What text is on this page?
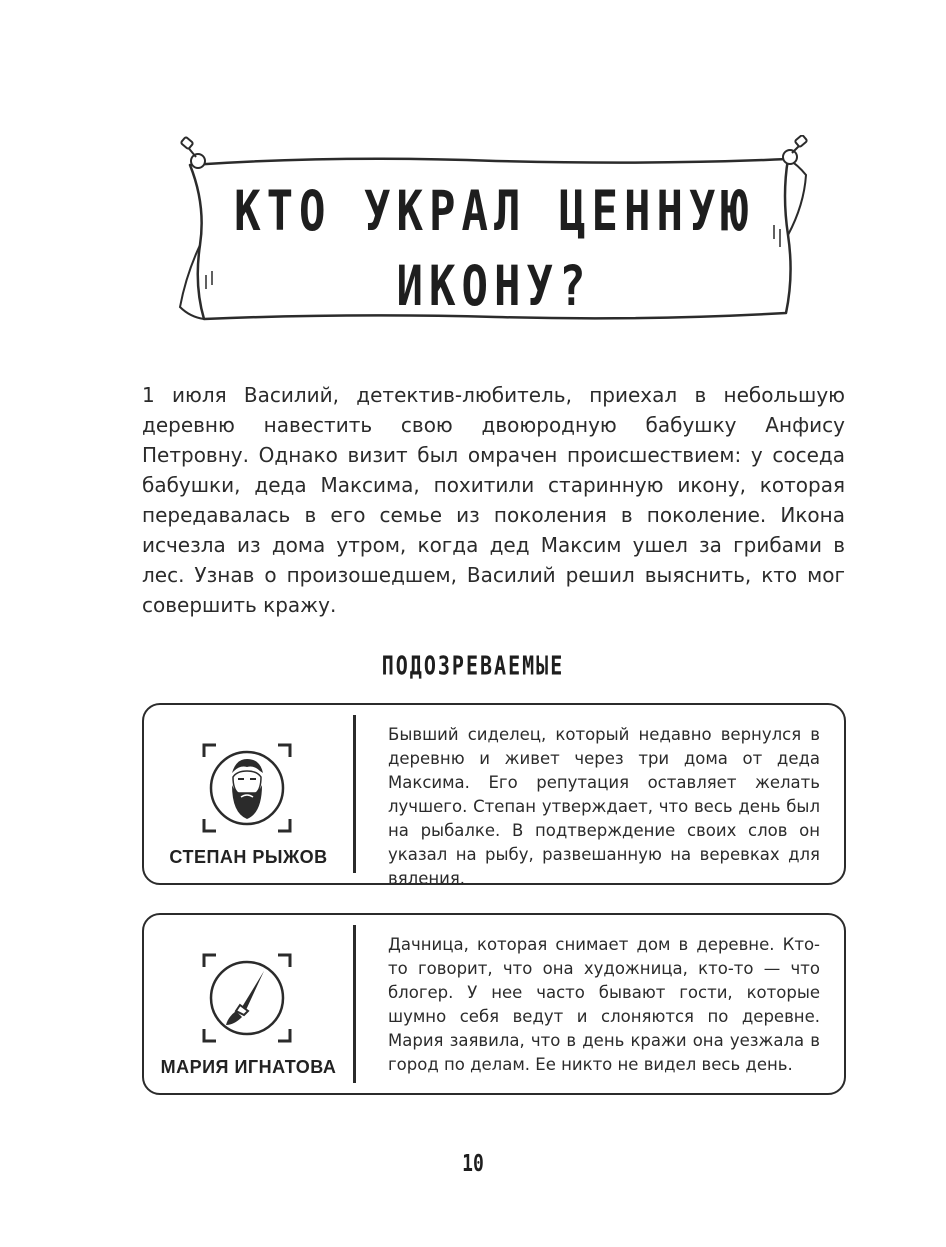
КТО УКРАЛ ЦЕННУЮ
ИКОНУ?

1 июля Василий, детектив-любитель, приехал в небольшую деревню навестить свою двоюродную бабушку Анфису Петровну. Однако визит был омрачен происшествием: у соседа бабушки, деда Максима, похитили старинную икону, которая передавалась в его семье из поколения в поколение. Икона исчезла из дома утром, когда дед Максим ушел за грибами в лес. Узнав о произошедшем, Василий решил выяснить, кто мог совершить кражу.

ПОДОЗРЕВАЕМЫЕ
СТЕПАН РЫЖОВ

Бывший сиделец, который недавно вернулся в деревню и живет через три дома от деда Максима. Его репутация оставляет желать лучшего. Степан утверждает, что весь день был на рыбалке. В подтверждение своих слов он указал на рыбу, развешанную на веревках для вяления.

МАРИЯ ИГНАТОВА

Дачница, которая снимает дом в деревне. Кто-то говорит, что она художница, кто-то — что блогер. У нее часто бывают гости, которые шумно себя ведут и слоняются по деревне. Мария заявила, что в день кражи она уезжала в город по делам. Ее никто не видел весь день.

10
